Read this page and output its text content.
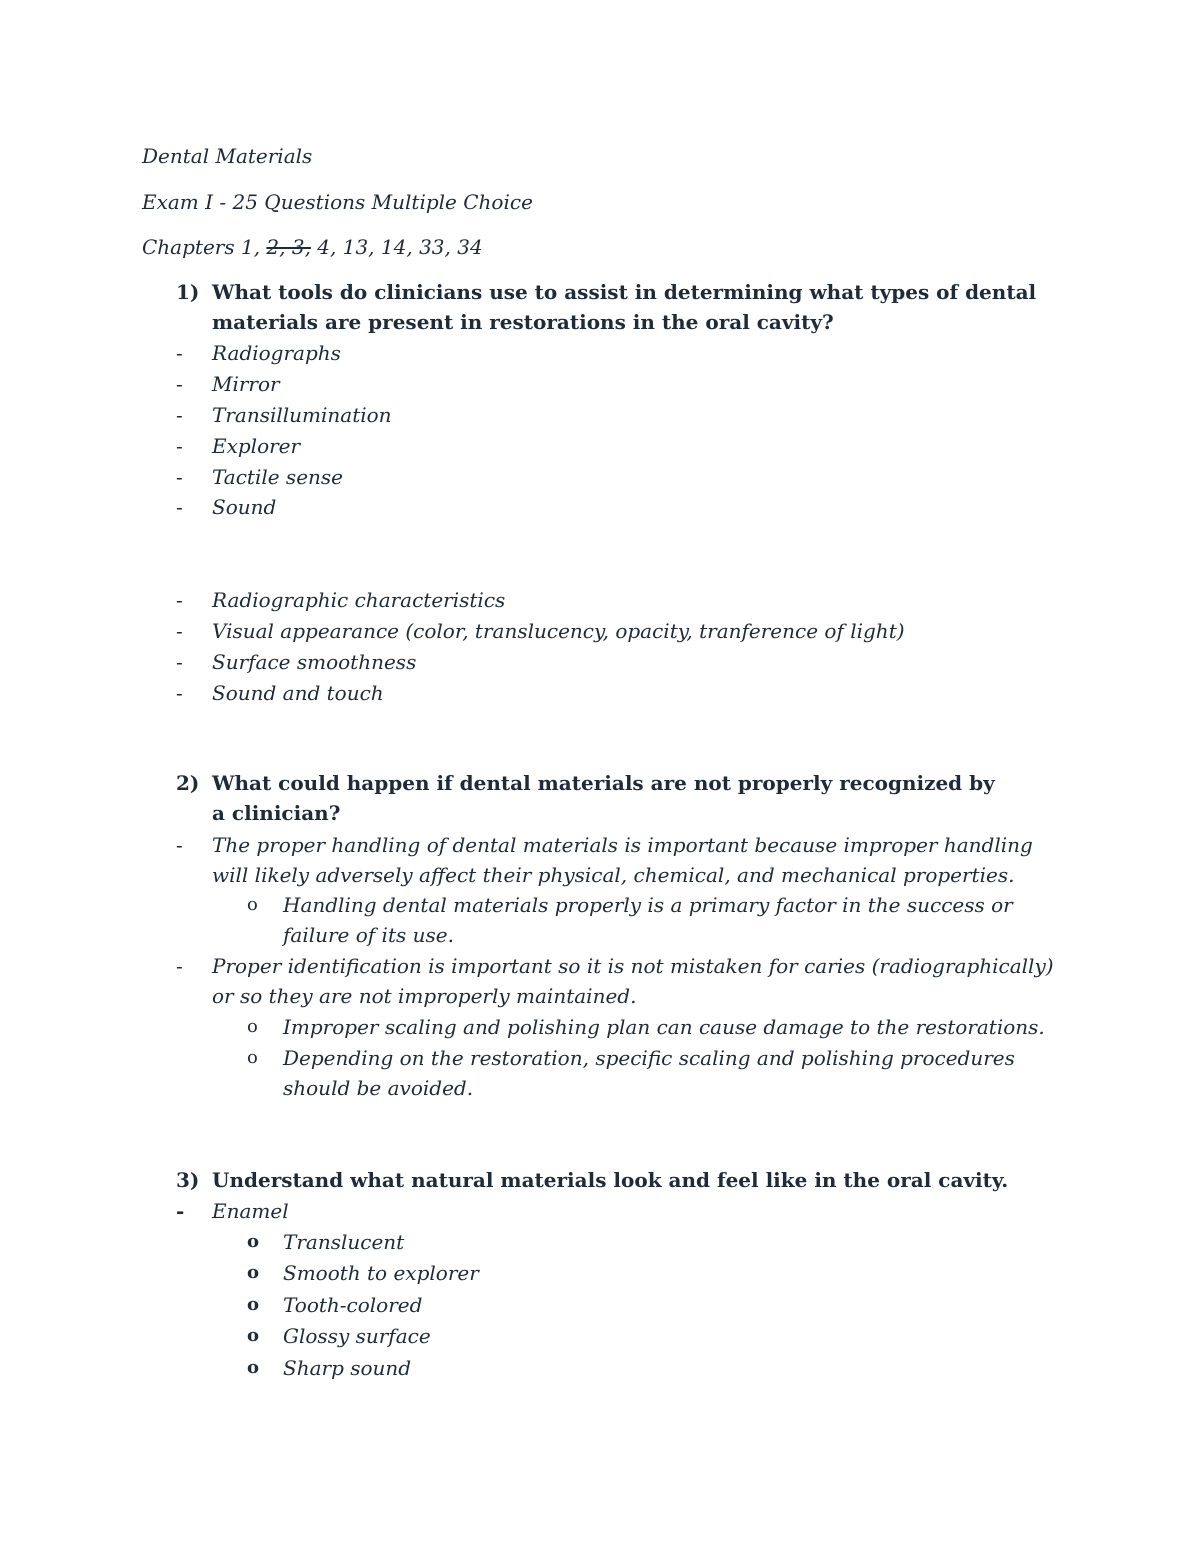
Dental Materials
Exam I - 25 Questions Multiple Choice
Chapters 1, 2, 3, 4, 13, 14, 33, 34
1) What tools do clinicians use to assist in determining what types of dental materials are present in restorations in the oral cavity?
- Radiographs
- Mirror
- Transillumination
- Explorer
- Tactile sense
- Sound
- Radiographic characteristics
- Visual appearance (color, translucency, opacity, tranference of light)
- Surface smoothness
- Sound and touch
2) What could happen if dental materials are not properly recognized by a clinician?
- The proper handling of dental materials is important because improper handling will likely adversely affect their physical, chemical, and mechanical properties.
o Handling dental materials properly is a primary factor in the success or failure of its use.
- Proper identification is important so it is not mistaken for caries (radiographically) or so they are not improperly maintained.
o Improper scaling and polishing plan can cause damage to the restorations.
o Depending on the restoration, specific scaling and polishing procedures should be avoided.
3) Understand what natural materials look and feel like in the oral cavity.
- Enamel
o Translucent
o Smooth to explorer
o Tooth-colored
o Glossy surface
o Sharp sound
